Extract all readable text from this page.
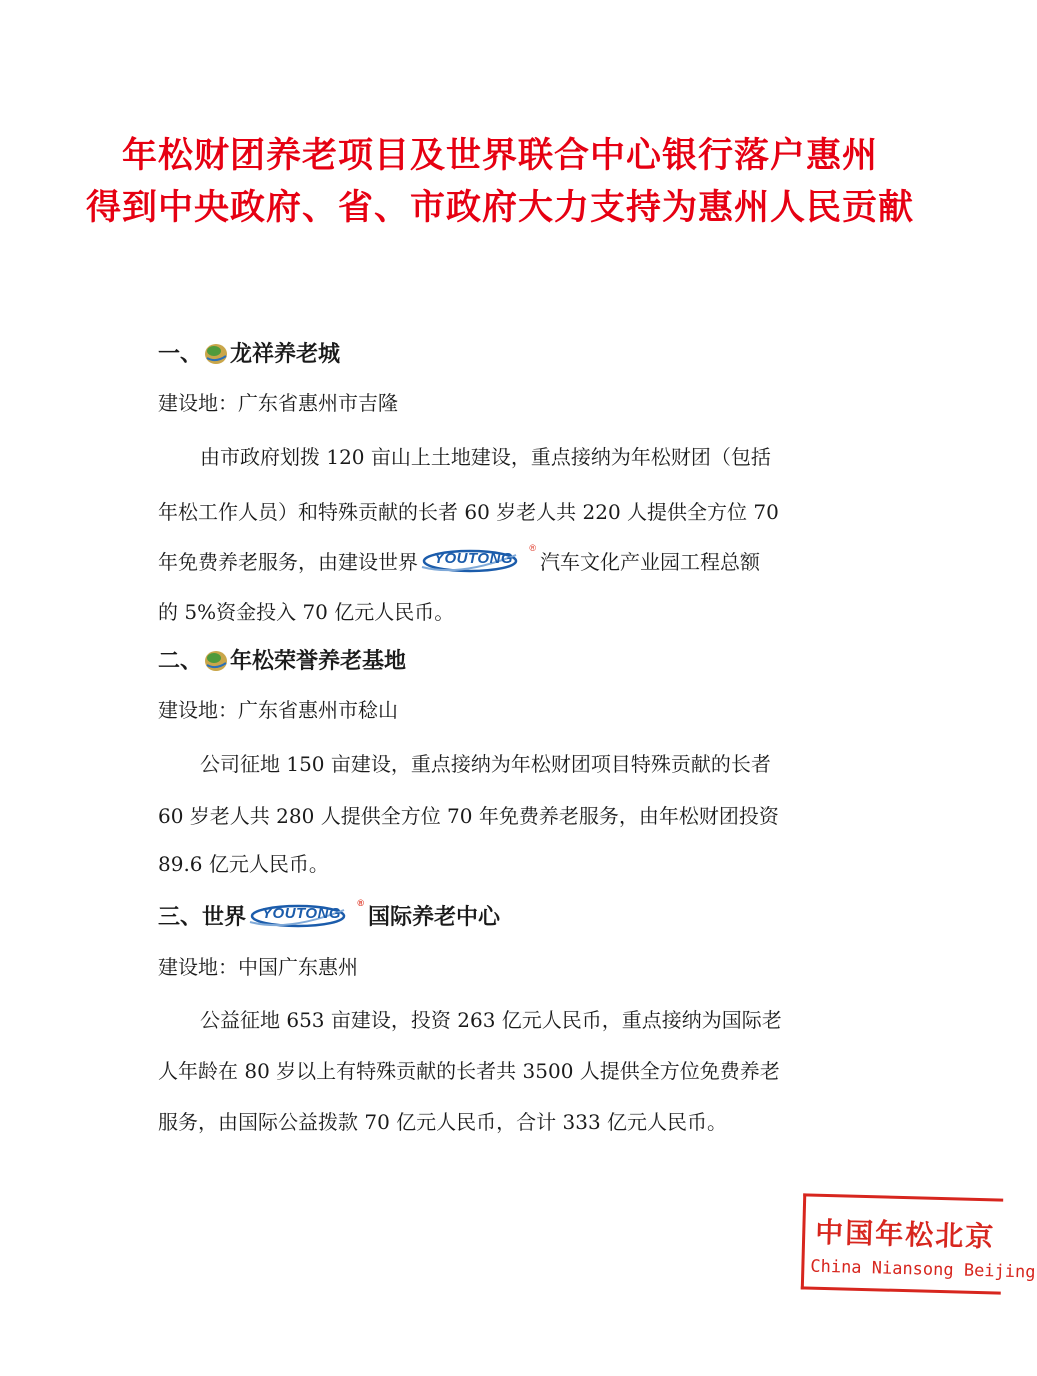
年松财团养老项目及世界联合中心银行落户惠州
得到中央政府、省、市政府大力支持为惠州人民贡献
一、 龙祥养老城
建设地：广东省惠州市吉隆
由市政府划拨 120 亩山上土地建设，重点接纳为年松财团（包括
年松工作人员）和特殊贡献的长者 60 岁老人共 220 人提供全方位 70
年免费养老服务，由建设世界 YOUTONG
®
汽车文化产业园工程总额
的 5%资金投入 70 亿元人民币。
二、 年松荣誉养老基地
建设地：广东省惠州市稔山
公司征地 150 亩建设，重点接纳为年松财团项目特殊贡献的长者
60 岁老人共 280 人提供全方位 70 年免费养老服务，由年松财团投资
89.6 亿元人民币。
三、 世界 YOUTONG
®
国际养老中心
建设地：中国广东惠州
公益征地 653 亩建设，投资 263 亿元人民币，重点接纳为国际老
人年龄在 80 岁以上有特殊贡献的长者共 3500 人提供全方位免费养老
服务，由国际公益拨款 70 亿元人民币，合计 333 亿元人民币。
中国年松北京
China Niansong Beijing
